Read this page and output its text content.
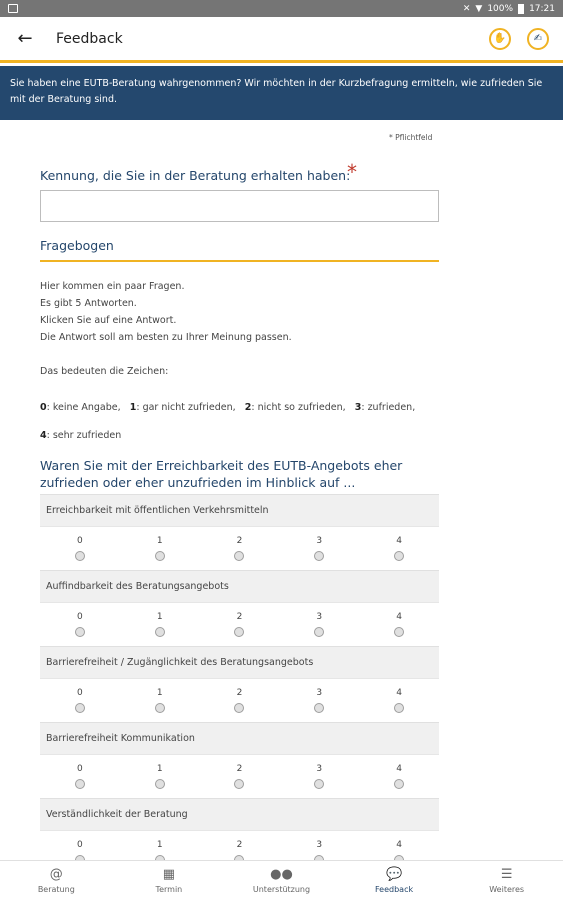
✕ ▼ 100% 17:21
← Feedback	✋	✍
Sie haben eine EUTB-Beratung wahrgenommen? Wir möchten in der Kurzbefragung ermitteln, wie zufrieden Sie mit der Beratung sind.
* Pflichtfeld
Kennung, die Sie in der Beratung erhalten haben:
*
Fragebogen
Hier kommen ein paar Fragen.
Es gibt 5 Antworten.
Klicken Sie auf eine Antwort.
Die Antwort soll am besten zu Ihrer Meinung passen.
Das bedeuten die Zeichen:
0: keine Angabe, 1: gar nicht zufrieden, 2: nicht so zufrieden, 3: zufrieden,
4: sehr zufrieden
Waren Sie mit der Erreichbarkeit des EUTB-Angebots eher zufrieden oder eher unzufrieden im Hinblick auf ...
Erreichbarkeit mit öffentlichen Verkehrsmitteln
0	1	2	3	4
Auffindbarkeit des Beratungsangebots
0	1	2	3	4
Barrierefreiheit / Zugänglichkeit des Beratungsangebots
0	1	2	3	4
Barrierefreiheit Kommunikation
0	1	2	3	4
Verständlichkeit der Beratung
0	1	2	3	4
@
Beratung
▦
Termin
●●
Unterstützung
💬
Feedback
☰
Weiteres
